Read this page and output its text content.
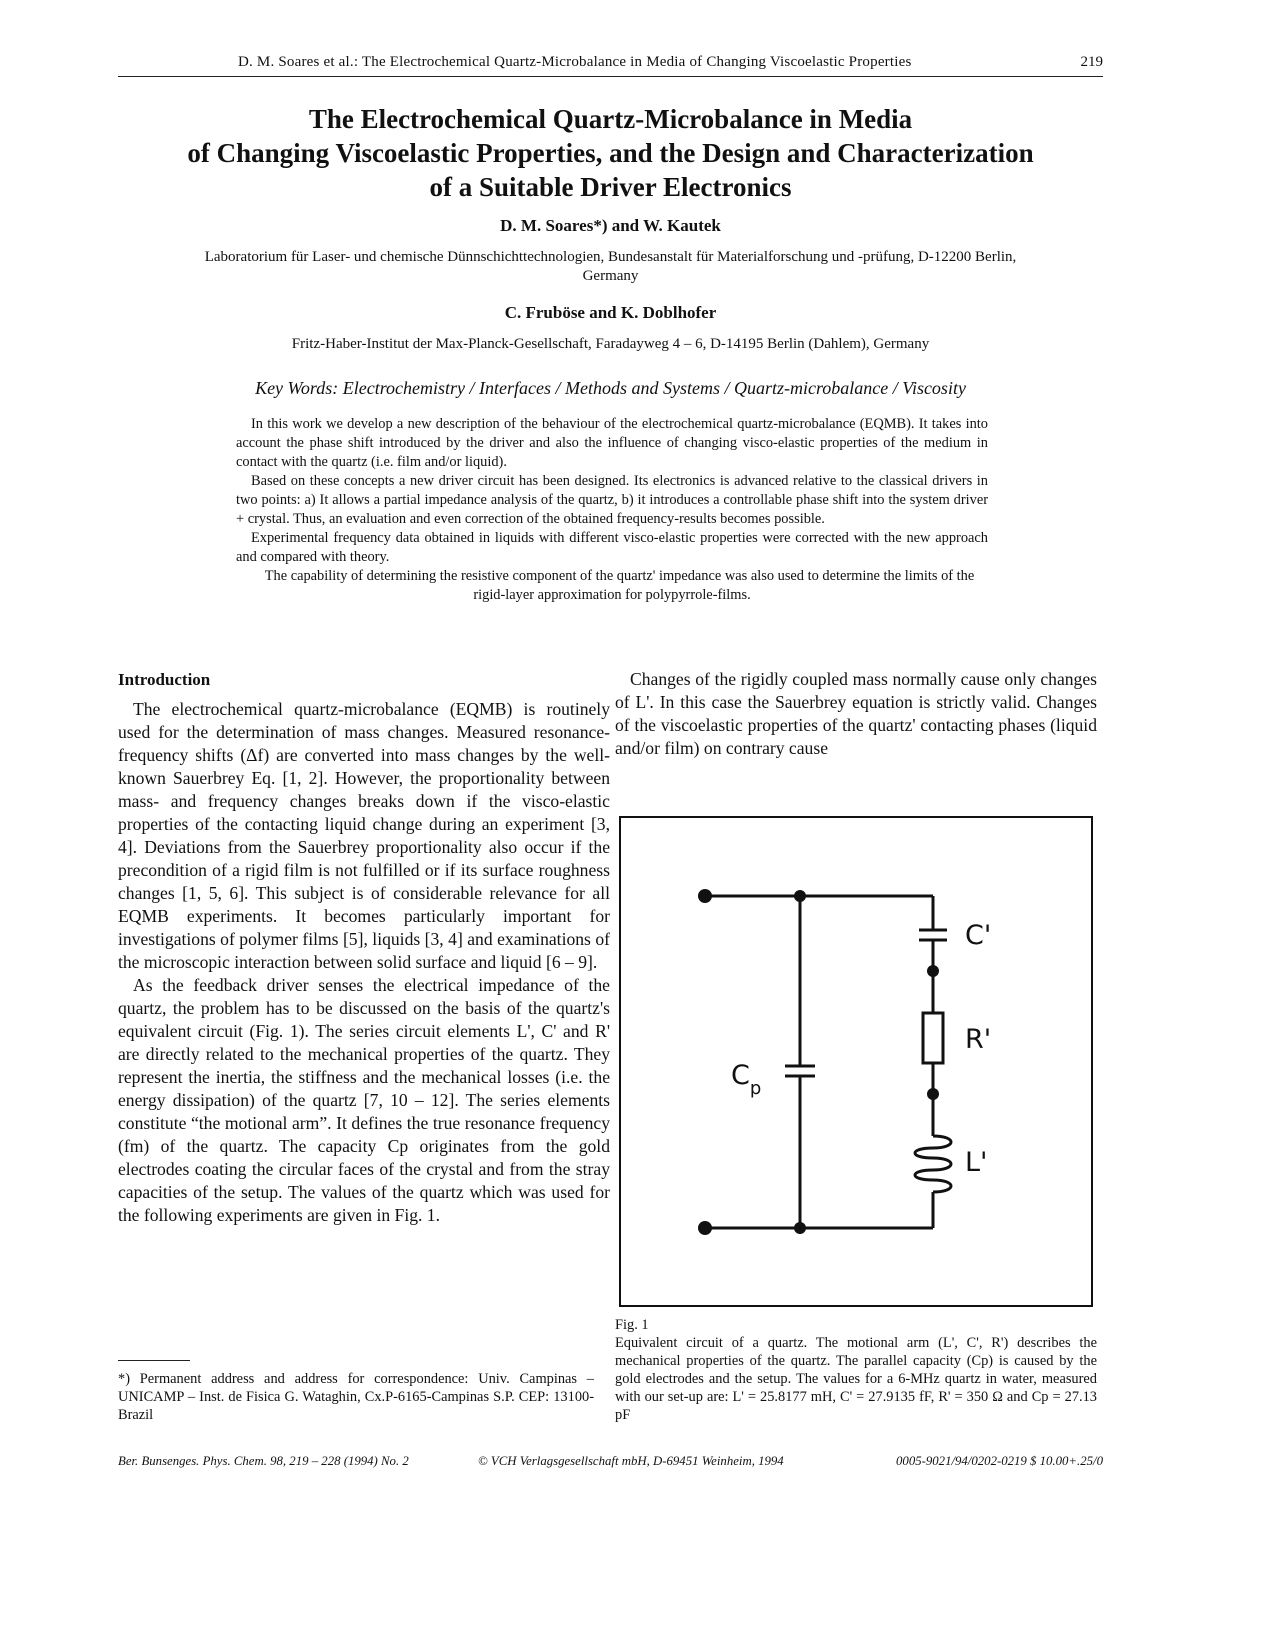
D. M. Soares et al.: The Electrochemical Quartz-Microbalance in Media of Changing Viscoelastic Properties	219
The Electrochemical Quartz-Microbalance in Media
of Changing Viscoelastic Properties, and the Design and Characterization
of a Suitable Driver Electronics
D. M. Soares*) and W. Kautek
Laboratorium für Laser- und chemische Dünnschichttechnologien, Bundesanstalt für Materialforschung und -prüfung, D-12200 Berlin,
Germany
C. Fruböse and K. Doblhofer
Fritz-Haber-Institut der Max-Planck-Gesellschaft, Faradayweg 4 – 6, D-14195 Berlin (Dahlem), Germany
Key Words: Electrochemistry / Interfaces / Methods and Systems / Quartz-microbalance / Viscosity

In this work we develop a new description of the behaviour of the electrochemical quartz-microbalance (EQMB). It takes into account the phase shift introduced by the driver and also the influence of changing visco-elastic properties of the medium in contact with the quartz (i.e. film and/or liquid).

Based on these concepts a new driver circuit has been designed. Its electronics is advanced relative to the classical drivers in two points: a) It allows a partial impedance analysis of the quartz, b) it introduces a controllable phase shift into the system driver + crystal. Thus, an evaluation and even correction of the obtained frequency-results becomes possible.

Experimental frequency data obtained in liquids with different visco-elastic properties were corrected with the new approach and compared with theory.

The capability of determining the resistive component of the quartz' impedance was also used to determine the limits of the rigid-layer approximation for polypyrrole-films.

Introduction

The electrochemical quartz-microbalance (EQMB) is routinely used for the determination of mass changes. Measured resonance-frequency shifts (Δf) are converted into mass changes by the well-known Sauerbrey Eq. [1, 2]. However, the proportionality between mass- and frequency changes breaks down if the visco-elastic properties of the contacting liquid change during an experiment [3, 4]. Deviations from the Sauerbrey proportionality also occur if the precondition of a rigid film is not fulfilled or if its surface roughness changes [1, 5, 6]. This subject is of considerable relevance for all EQMB experiments. It becomes particularly important for investigations of polymer films [5], liquids [3, 4] and examinations of the microscopic interaction between solid surface and liquid [6 – 9].

As the feedback driver senses the electrical impedance of the quartz, the problem has to be discussed on the basis of the quartz's equivalent circuit (Fig. 1). The series circuit elements L', C' and R' are directly related to the mechanical properties of the quartz. They represent the inertia, the stiffness and the mechanical losses (i.e. the energy dissipation) of the quartz [7, 10 – 12]. The series elements constitute “the motional arm”. It defines the true resonance frequency (fm) of the quartz. The capacity Cp originates from the gold electrodes coating the circular faces of the crystal and from the stray capacities of the setup. The values of the quartz which was used for the following experiments are given in Fig. 1.

*) Permanent address and address for correspondence: Univ. Campinas – UNICAMP – Inst. de Fisica G. Wataghin, Cx.P-6165-Campinas S.P. CEP: 13100-Brazil

Changes of the rigidly coupled mass normally cause only changes of L'. In this case the Sauerbrey equation is strictly valid. Changes of the viscoelastic properties of the quartz' contacting phases (liquid and/or film) on contrary cause

C'
R'
L'
$C_p$
Fig. 1
Equivalent circuit of a quartz. The motional arm (L', C', R') describes the mechanical properties of the quartz. The parallel capacity (Cp) is caused by the gold electrodes and the setup. The values for a 6-MHz quartz in water, measured with our set-up are: L' = 25.8177 mH, C' = 27.9135 fF, R' = 350 Ω and Cp = 27.13 pF
Ber. Bunsenges. Phys. Chem. 98, 219 – 228 (1994) No. 2	© VCH Verlagsgesellschaft mbH, D-69451 Weinheim, 1994	0005-9021/94/0202-0219 $ 10.00+.25/0
